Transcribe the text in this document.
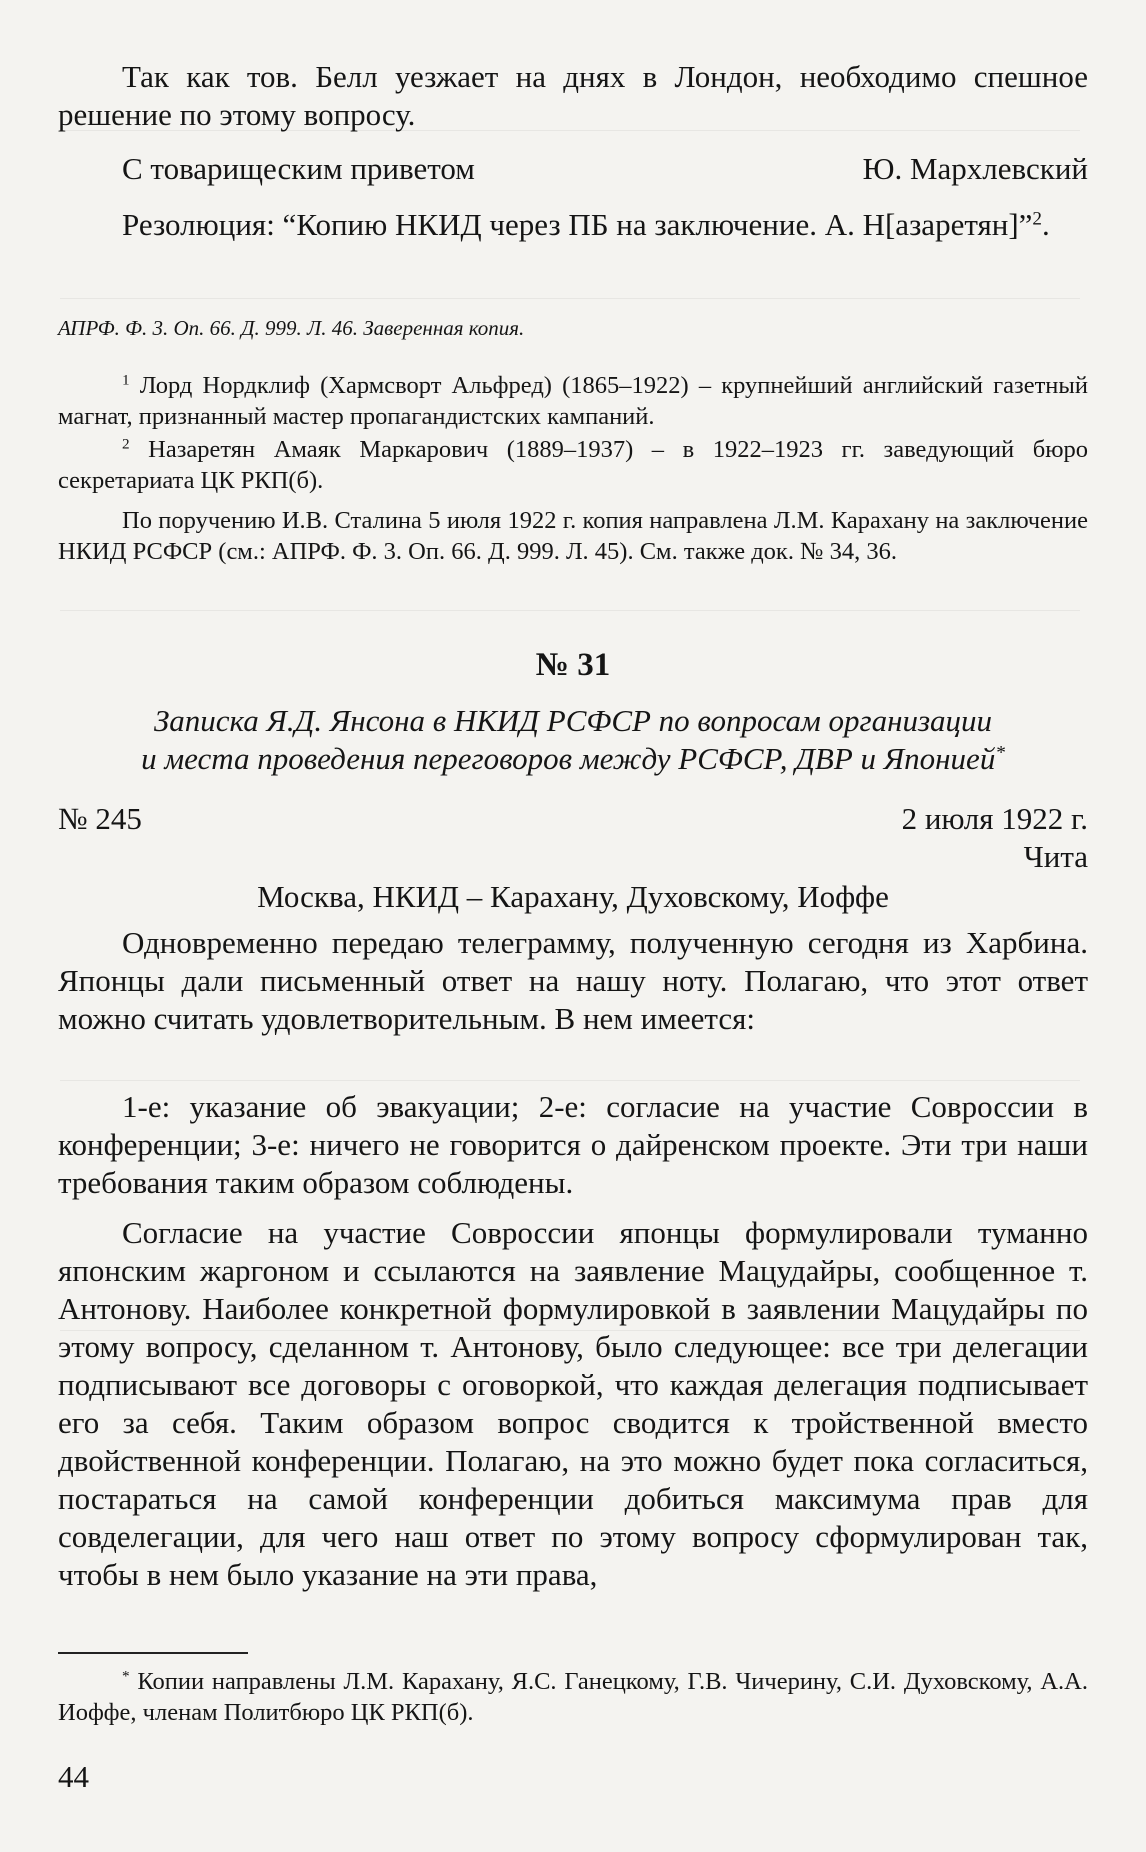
Так как тов. Белл уезжает на днях в Лондон, необходимо спешное решение по этому вопросу.
С товарищеским приветом	Ю. Мархлевский
Резолюция: “Копию НКИД через ПБ на заключение. А. Н[азаретян]”$^2$.
АПРФ. Ф. 3. Оп. 66. Д. 999. Л. 46. Заверенная копия.
$^1$ Лорд Нордклиф (Хармсворт Альфред) (1865–1922) – крупнейший английский газетный магнат, признанный мастер пропагандистских кампаний.
$^2$ Назаретян Амаяк Маркарович (1889–1937) – в 1922–1923 гг. заведующий бюро секретариата ЦК РКП(б).
По поручению И.В. Сталина 5 июля 1922 г. копия направлена Л.М. Карахану на заключение НКИД РСФСР (см.: АПРФ. Ф. 3. Оп. 66. Д. 999. Л. 45). См. также док. № 34, 36.
№ 31
Записка Я.Д. Янсона в НКИД РСФСР по вопросам организации
и места проведения переговоров между РСФСР, ДВР и Японией*
№ 245	2 июля 1922 г.
Чита
Москва, НКИД – Карахану, Духовскому, Иоффе
Одновременно передаю телеграмму, полученную сегодня из Харбина. Японцы дали письменный ответ на нашу ноту. Полагаю, что этот ответ можно считать удовлетворительным. В нем имеется:
1-е: указание об эвакуации; 2-е: согласие на участие Совроссии в конференции; 3-е: ничего не говорится о дайренском проекте. Эти три наши требования таким образом соблюдены.
Согласие на участие Совроссии японцы формулировали туманно японским жаргоном и ссылаются на заявление Мацудайры, сообщенное т. Антонову. Наиболее конкретной формулировкой в заявлении Мацудайры по этому вопросу, сделанном т. Антонову, было следующее: все три делегации подписывают все договоры с оговоркой, что каждая делегация подписывает его за себя. Таким образом вопрос сводится к тройственной вместо двойственной конференции. Полагаю, на это можно будет пока согласиться, постараться на самой конференции добиться максимума прав для совделегации, для чего наш ответ по этому вопросу сформулирован так, чтобы в нем было указание на эти права,
* Копии направлены Л.М. Карахану, Я.С. Ганецкому, Г.В. Чичерину, С.И. Духовскому, А.А. Иоффе, членам Политбюро ЦК РКП(б).
44
